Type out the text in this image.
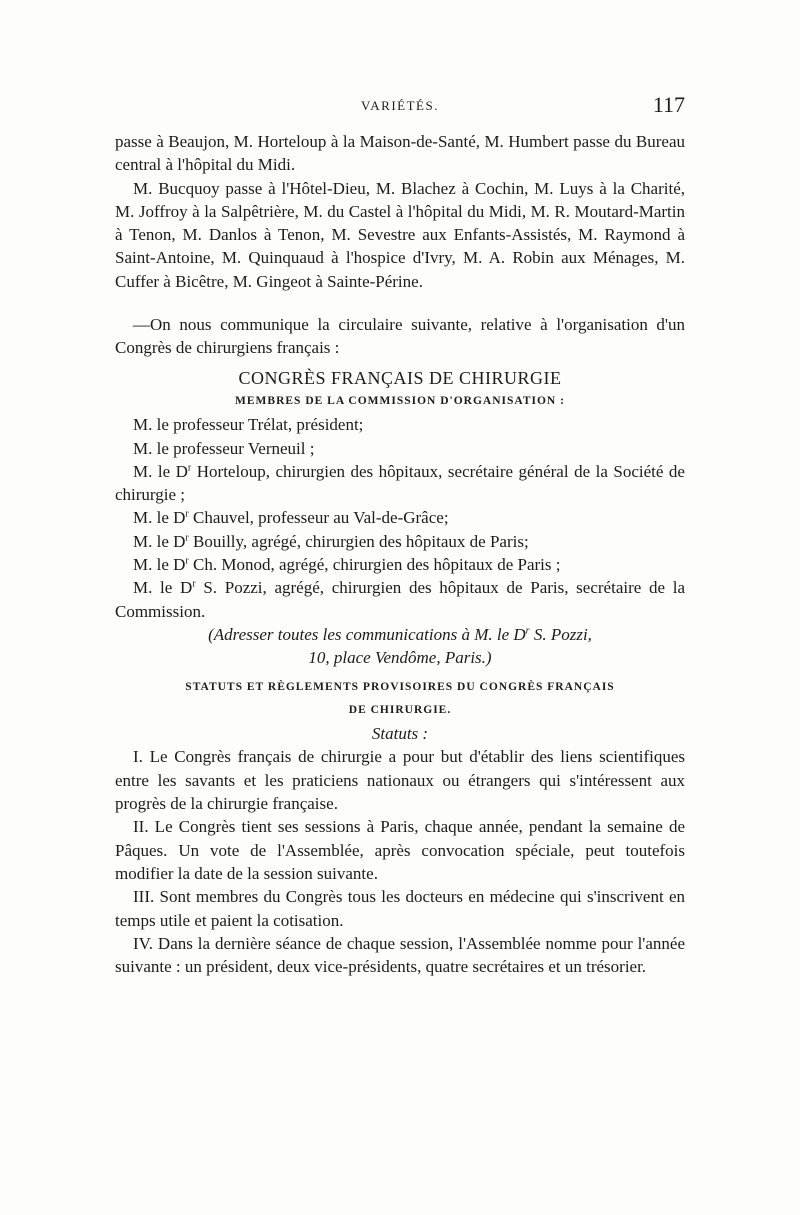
VARIÉTÉS.	117

passe à Beaujon, M. Horteloup à la Maison-de-Santé, M. Humbert passe du Bureau central à l'hôpital du Midi.

M. Bucquoy passe à l'Hôtel-Dieu, M. Blachez à Cochin, M. Luys à la Charité, M. Joffroy à la Salpêtrière, M. du Castel à l'hôpital du Midi, M. R. Moutard-Martin à Tenon, M. Danlos à Tenon, M. Sevestre aux Enfants-Assistés, M. Raymond à Saint-Antoine, M. Quinquaud à l'hospice d'Ivry, M. A. Robin aux Ménages, M. Cuffer à Bicêtre, M. Gingeot à Sainte-Périne.

—On nous communique la circulaire suivante, relative à l'organisation d'un Congrès de chirurgiens français :

CONGRÈS FRANÇAIS DE CHIRURGIE

MEMBRES DE LA COMMISSION D'ORGANISATION :

M. le professeur Trélat, président;

M. le professeur Verneuil ;

M. le $D^r$ Horteloup, chirurgien des hôpitaux, secrétaire général de la Société de chirurgie ;

M. le $D^r$ Chauvel, professeur au Val-de-Grâce;

M. le $D^r$ Bouilly, agrégé, chirurgien des hôpitaux de Paris;

M. le $D^r$ Ch. Monod, agrégé, chirurgien des hôpitaux de Paris ;

M. le $D^r$ S. Pozzi, agrégé, chirurgien des hôpitaux de Paris, secrétaire de la Commission.

(Adresser toutes les communications à M. le $D^r$ S. Pozzi,

10, place Vendôme, Paris.)

STATUTS ET RÈGLEMENTS PROVISOIRES DU CONGRÈS FRANÇAIS

DE CHIRURGIE.

Statuts :

I. Le Congrès français de chirurgie a pour but d'établir des liens scientifiques entre les savants et les praticiens nationaux ou étrangers qui s'intéressent aux progrès de la chirurgie française.

II. Le Congrès tient ses sessions à Paris, chaque année, pendant la semaine de Pâques. Un vote de l'Assemblée, après convocation spéciale, peut toutefois modifier la date de la session suivante.

III. Sont membres du Congrès tous les docteurs en médecine qui s'inscrivent en temps utile et paient la cotisation.

IV. Dans la dernière séance de chaque session, l'Assemblée nomme pour l'année suivante : un président, deux vice-présidents, quatre secrétaires et un trésorier.
